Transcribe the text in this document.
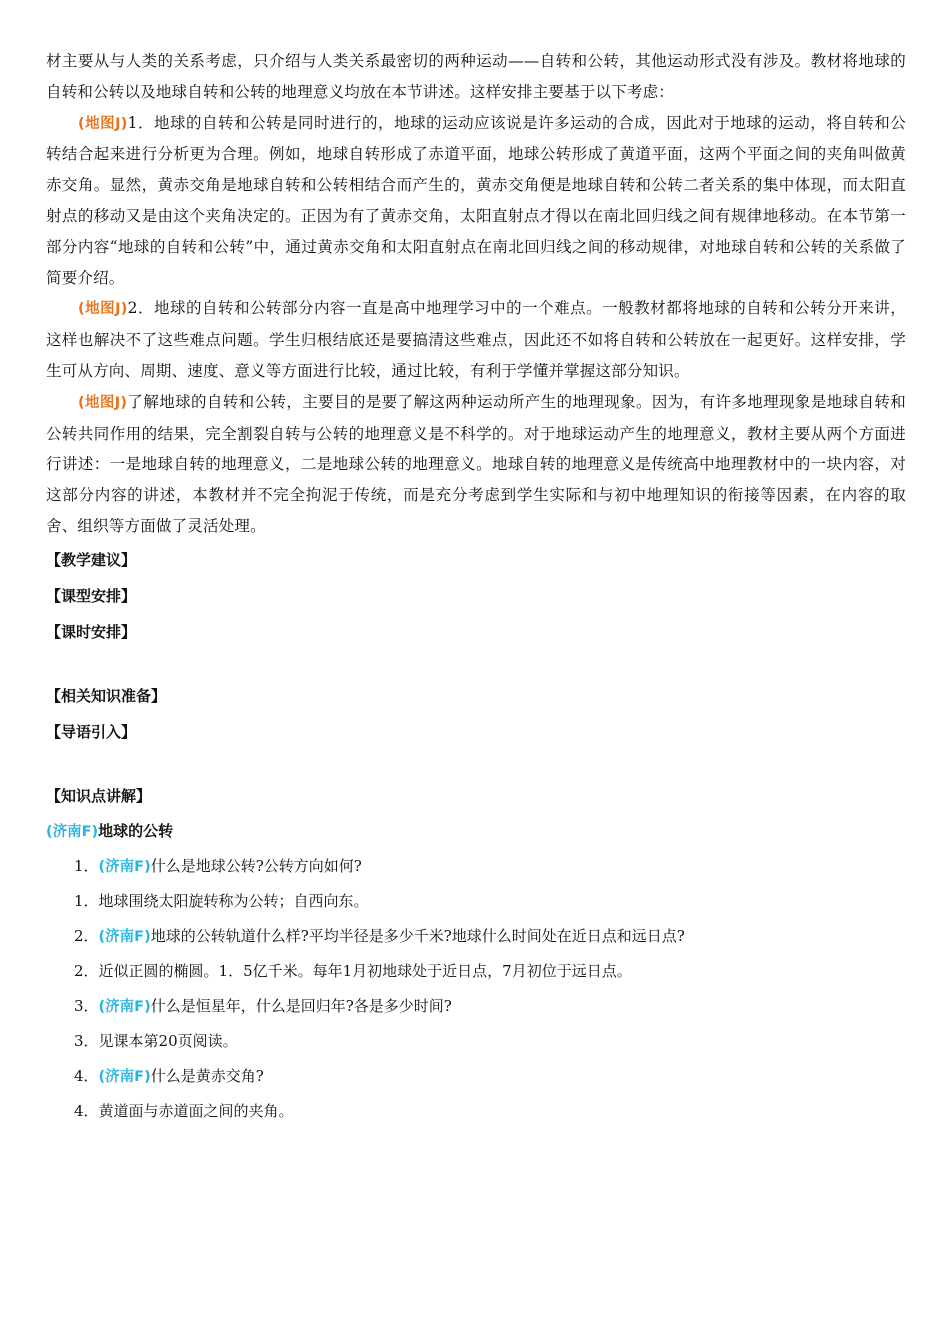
材主要从与人类的关系考虑，只介绍与人类关系最密切的两种运动——自转和公转，其他运动形式没有涉及。教材将地球的自转和公转以及地球自转和公转的地理意义均放在本节讲述。这样安排主要基于以下考虑：

(地图J)1．地球的自转和公转是同时进行的，地球的运动应该说是许多运动的合成，因此对于地球的运动，将自转和公转结合起来进行分析更为合理。例如，地球自转形成了赤道平面，地球公转形成了黄道平面，这两个平面之间的夹角叫做黄赤交角。显然，黄赤交角是地球自转和公转相结合而产生的，黄赤交角便是地球自转和公转二者关系的集中体现，而太阳直射点的移动又是由这个夹角决定的。正因为有了黄赤交角，太阳直射点才得以在南北回归线之间有规律地移动。在本节第一部分内容“地球的自转和公转”中，通过黄赤交角和太阳直射点在南北回归线之间的移动规律，对地球自转和公转的关系做了简要介绍。

(地图J)2．地球的自转和公转部分内容一直是高中地理学习中的一个难点。一般教材都将地球的自转和公转分开来讲，这样也解决不了这些难点问题。学生归根结底还是要搞清这些难点，因此还不如将自转和公转放在一起更好。这样安排，学生可从方向、周期、速度、意义等方面进行比较，通过比较，有利于学懂并掌握这部分知识。

(地图J)了解地球的自转和公转，主要目的是要了解这两种运动所产生的地理现象。因为，有许多地理现象是地球自转和公转共同作用的结果，完全割裂自转与公转的地理意义是不科学的。对于地球运动产生的地理意义，教材主要从两个方面进行讲述：一是地球自转的地理意义，二是地球公转的地理意义。地球自转的地理意义是传统高中地理教材中的一块内容，对这部分内容的讲述，本教材并不完全拘泥于传统，而是充分考虑到学生实际和与初中地理知识的衔接等因素，在内容的取舍、组织等方面做了灵活处理。

【教学建议】

【课型安排】

【课时安排】

【相关知识准备】

【导语引入】

【知识点讲解】

(济南F)地球的公转

1．(济南F)什么是地球公转?公转方向如何?

1．地球围绕太阳旋转称为公转；自西向东。

2．(济南F)地球的公转轨道什么样?平均半径是多少千米?地球什么时间处在近日点和远日点?

2．近似正圆的椭圆。1．5亿千米。每年1月初地球处于近日点，7月初位于远日点。

3．(济南F)什么是恒星年，什么是回归年?各是多少时间?

3．见课本第20页阅读。

4．(济南F)什么是黄赤交角?

4．黄道面与赤道面之间的夹角。
